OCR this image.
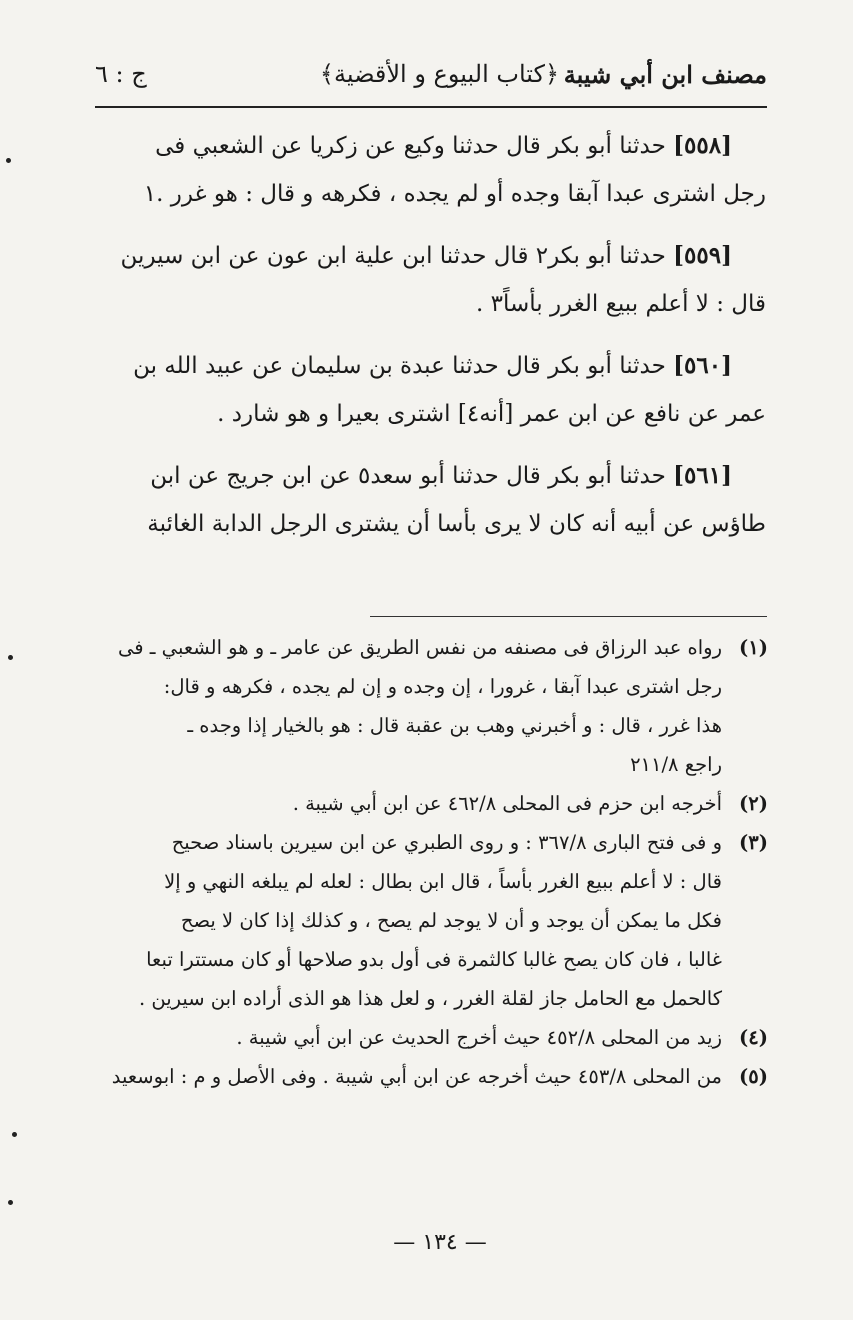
مصنف ابن أبي شيبة
﴿كتاب البيوع و الأقضية﴾
ج : ٦
[٥٥٨] حدثنا أبو بكر قال حدثنا وكيع عن زكريا عن الشعبي فى
رجل اشترى عبدا آبقا وجده أو لم يجده ، فكرهه و قال : هو غرر .١
[٥٥٩] حدثنا أبو بكر٢ قال حدثنا ابن علية ابن عون عن ابن سيرين
قال : لا أعلم ببيع الغرر بأساً٣ .
[٥٦٠] حدثنا أبو بكر قال حدثنا عبدة بن سليمان عن عبيد الله بن
عمر عن نافع عن ابن عمر [أنه٤] اشترى بعيرا و هو شارد .
[٥٦١] حدثنا أبو بكر قال حدثنا أبو سعد٥ عن ابن جريج عن ابن
طاؤس عن أبيه أنه كان لا يرى بأسا أن يشترى الرجل الدابة الغائبة
(١)
رواه عبد الرزاق فى مصنفه من نفس الطريق عن عامر ـ و هو الشعبي ـ فى
رجل اشترى عبدا آبقا ، غرورا ، إن وجده و إن لم يجده ، فكرهه و قال:
هذا غرر ، قال : و أخبرني وهب بن عقبة قال : هو بالخيار إذا وجده ـ
راجع ٢١١/٨
(٢)
أخرجه ابن حزم فى المحلى ٤٦٢/٨ عن ابن أبي شيبة .
(٣)
و فى فتح البارى ٣٦٧/٨ : و روى الطبري عن ابن سيرين باسناد صحيح
قال : لا أعلم ببيع الغرر بأساً ، قال ابن بطال : لعله لم يبلغه النهي و إلا
فكل ما يمكن أن يوجد و أن لا يوجد لم يصح ، و كذلك إذا كان لا يصح
غالبا ، فان كان يصح غالبا كالثمرة فى أول بدو صلاحها أو كان مستترا تبعا
كالحمل مع الحامل جاز لقلة الغرر ، و لعل هذا هو الذى أراده ابن سيرين .
(٤)
زيد من المحلى ٤٥٢/٨ حيث أخرج الحديث عن ابن أبي شيبة .
(٥)
من المحلى ٤٥٣/٨ حيث أخرجه عن ابن أبي شيبة . وفى الأصل و م : ابوسعيد
— ١٣٤ —
